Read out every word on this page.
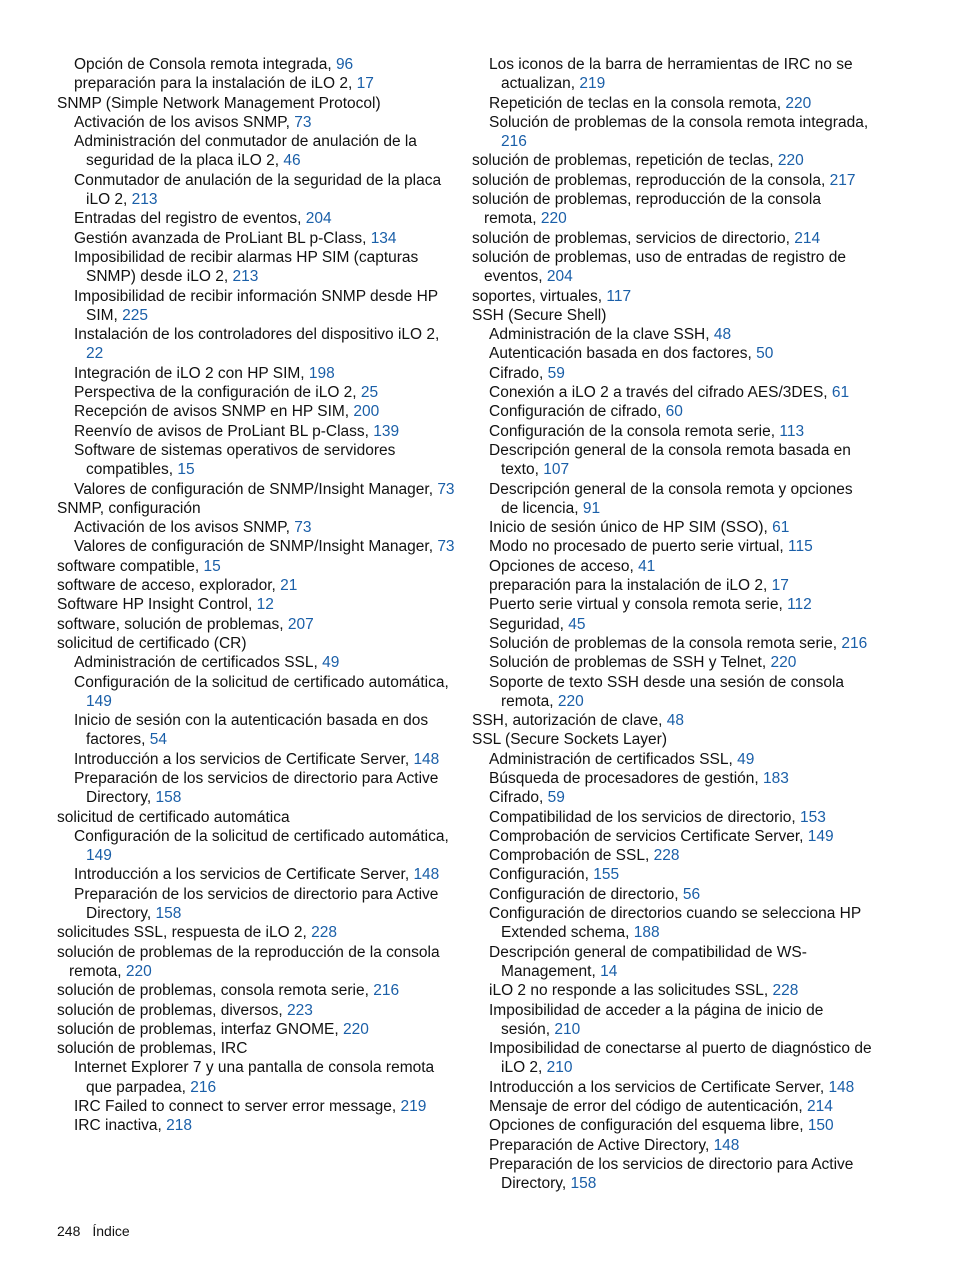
Opción de Consola remota integrada, 96
preparación para la instalación de iLO 2, 17
SNMP (Simple Network Management Protocol)
Activación de los avisos SNMP, 73
Administración del conmutador de anulación de la seguridad de la placa iLO 2, 46
Conmutador de anulación de la seguridad de la placa iLO 2, 213
Entradas del registro de eventos, 204
Gestión avanzada de ProLiant BL p-Class, 134
Imposibilidad de recibir alarmas HP SIM (capturas SNMP) desde iLO 2, 213
Imposibilidad de recibir información SNMP desde HP SIM, 225
Instalación de los controladores del dispositivo iLO 2, 22
Integración de iLO 2 con HP SIM, 198
Perspectiva de la configuración de iLO 2, 25
Recepción de avisos SNMP en HP SIM, 200
Reenvío de avisos de ProLiant BL p-Class, 139
Software de sistemas operativos de servidores compatibles, 15
Valores de configuración de SNMP/Insight Manager, 73
SNMP, configuración
Activación de los avisos SNMP, 73
Valores de configuración de SNMP/Insight Manager, 73
software compatible, 15
software de acceso, explorador, 21
Software HP Insight Control, 12
software, solución de problemas, 207
solicitud de certificado (CR)
Administración de certificados SSL, 49
Configuración de la solicitud de certificado automática, 149
Inicio de sesión con la autenticación basada en dos factores, 54
Introducción a los servicios de Certificate Server, 148
Preparación de los servicios de directorio para Active Directory, 158
solicitud de certificado automática
Configuración de la solicitud de certificado automática, 149
Introducción a los servicios de Certificate Server, 148
Preparación de los servicios de directorio para Active Directory, 158
solicitudes SSL, respuesta de iLO 2, 228
solución de problemas de la reproducción de la consola remota, 220
solución de problemas, consola remota serie, 216
solución de problemas, diversos, 223
solución de problemas, interfaz GNOME, 220
solución de problemas, IRC
Internet Explorer 7 y una pantalla de consola remota que parpadea, 216
IRC Failed to connect to server error message, 219
IRC inactiva, 218
Los iconos de la barra de herramientas de IRC no se actualizan, 219
Repetición de teclas en la consola remota, 220
Solución de problemas de la consola remota integrada, 216
solución de problemas, repetición de teclas, 220
solución de problemas, reproducción de la consola, 217
solución de problemas, reproducción de la consola remota, 220
solución de problemas, servicios de directorio, 214
solución de problemas, uso de entradas de registro de eventos, 204
soportes, virtuales, 117
SSH (Secure Shell)
Administración de la clave SSH, 48
Autenticación basada en dos factores, 50
Cifrado, 59
Conexión a iLO 2 a través del cifrado AES/3DES, 61
Configuración de cifrado, 60
Configuración de la consola remota serie, 113
Descripción general de la consola remota basada en texto, 107
Descripción general de la consola remota y opciones de licencia, 91
Inicio de sesión único de HP SIM (SSO), 61
Modo no procesado de puerto serie virtual, 115
Opciones de acceso, 41
preparación para la instalación de iLO 2, 17
Puerto serie virtual y consola remota serie, 112
Seguridad, 45
Solución de problemas de la consola remota serie, 216
Solución de problemas de SSH y Telnet, 220
Soporte de texto SSH desde una sesión de consola remota, 220
SSH, autorización de clave, 48
SSL (Secure Sockets Layer)
Administración de certificados SSL, 49
Búsqueda de procesadores de gestión, 183
Cifrado, 59
Compatibilidad de los servicios de directorio, 153
Comprobación de servicios Certificate Server, 149
Comprobación de SSL, 228
Configuración, 155
Configuración de directorio, 56
Configuración de directorios cuando se selecciona HP Extended schema, 188
Descripción general de compatibilidad de WS-Management, 14
iLO 2 no responde a las solicitudes SSL, 228
Imposibilidad de acceder a la página de inicio de sesión, 210
Imposibilidad de conectarse al puerto de diagnóstico de iLO 2, 210
Introducción a los servicios de Certificate Server, 148
Mensaje de error del código de autenticación, 214
Opciones de configuración del esquema libre, 150
Preparación de Active Directory, 148
Preparación de los servicios de directorio para Active Directory, 158
248 Índice
